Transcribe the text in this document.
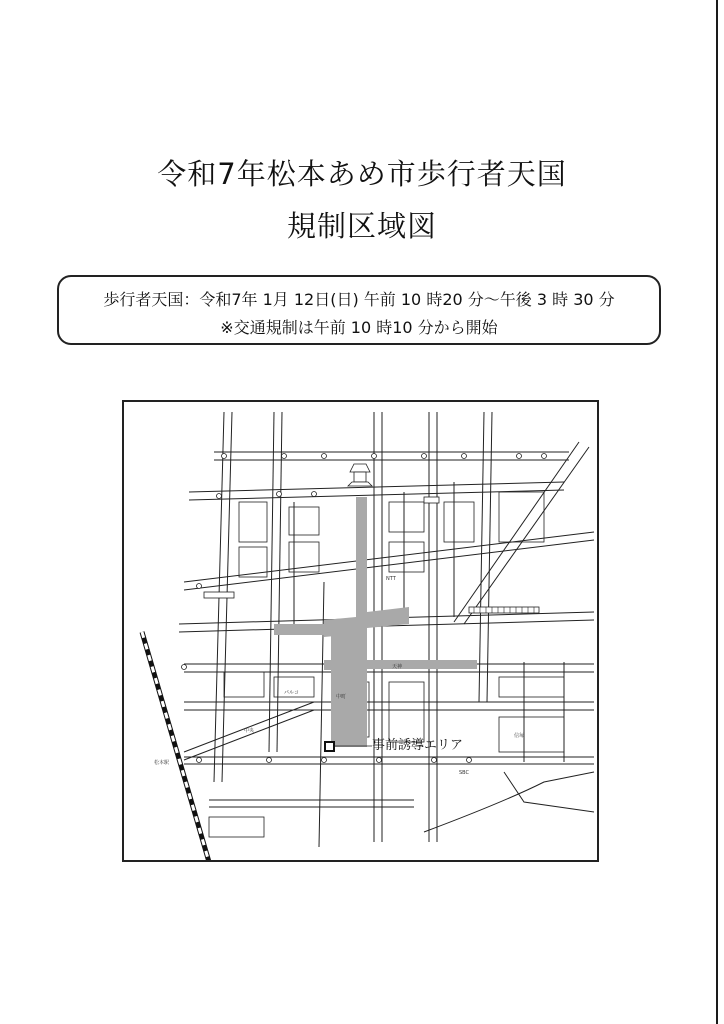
令和7年松本あめ市歩行者天国
規制区域図
歩行者天国：令和7年 1月 12日(日) 午前 10 時20 分～午後 3 時 30 分
※交通規制は午前 10 時10 分から開始
NTT
パルコ
SBC
天神
中町
中央
信毎
松本駅
事前誘導エリア
